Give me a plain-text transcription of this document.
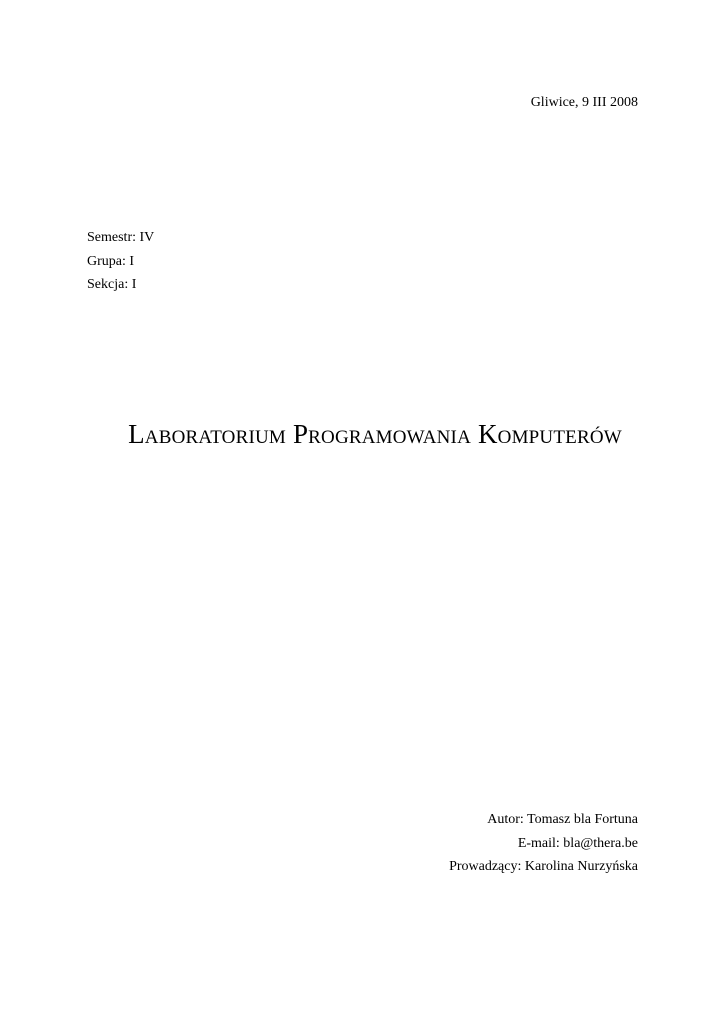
Gliwice, 9 III 2008
Semestr: IV
Grupa: I
Sekcja: I
Laboratorium Programowania Komputerów
Autor: Tomasz bla Fortuna
E-mail: bla@thera.be
Prowadzący: Karolina Nurzyńska
